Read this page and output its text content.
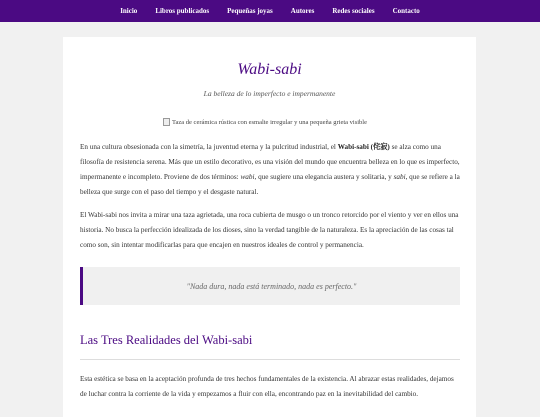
Inicio	Libros publicados	Pequeñas joyas	Autores	Redes sociales	Contacto
Wabi-sabi
La belleza de lo imperfecto e impermanente
Taza de cerámica rústica con esmalte irregular y una pequeña grieta visible

En una cultura obsesionada con la simetría, la juventud eterna y la pulcritud industrial, el Wabi-sabi (侘寂) se alza como una filosofía de resistencia serena. Más que un estilo decorativo, es una visión del mundo que encuentra belleza en lo que es imperfecto, impermanente e incompleto. Proviene de dos términos: wabi, que sugiere una elegancia austera y solitaria, y sabi, que se refiere a la belleza que surge con el paso del tiempo y el desgaste natural.

El Wabi-sabi nos invita a mirar una taza agrietada, una roca cubierta de musgo o un tronco retorcido por el viento y ver en ellos una historia. No busca la perfección idealizada de los dioses, sino la verdad tangible de la naturaleza. Es la apreciación de las cosas tal como son, sin intentar modificarlas para que encajen en nuestros ideales de control y permanencia.

"Nada dura, nada está terminado, nada es perfecto."
Las Tres Realidades del Wabi-sabi

Esta estética se basa en la aceptación profunda de tres hechos fundamentales de la existencia. Al abrazar estas realidades, dejamos de luchar contra la corriente de la vida y empezamos a fluir con ella, encontrando paz en la inevitabilidad del cambio.
